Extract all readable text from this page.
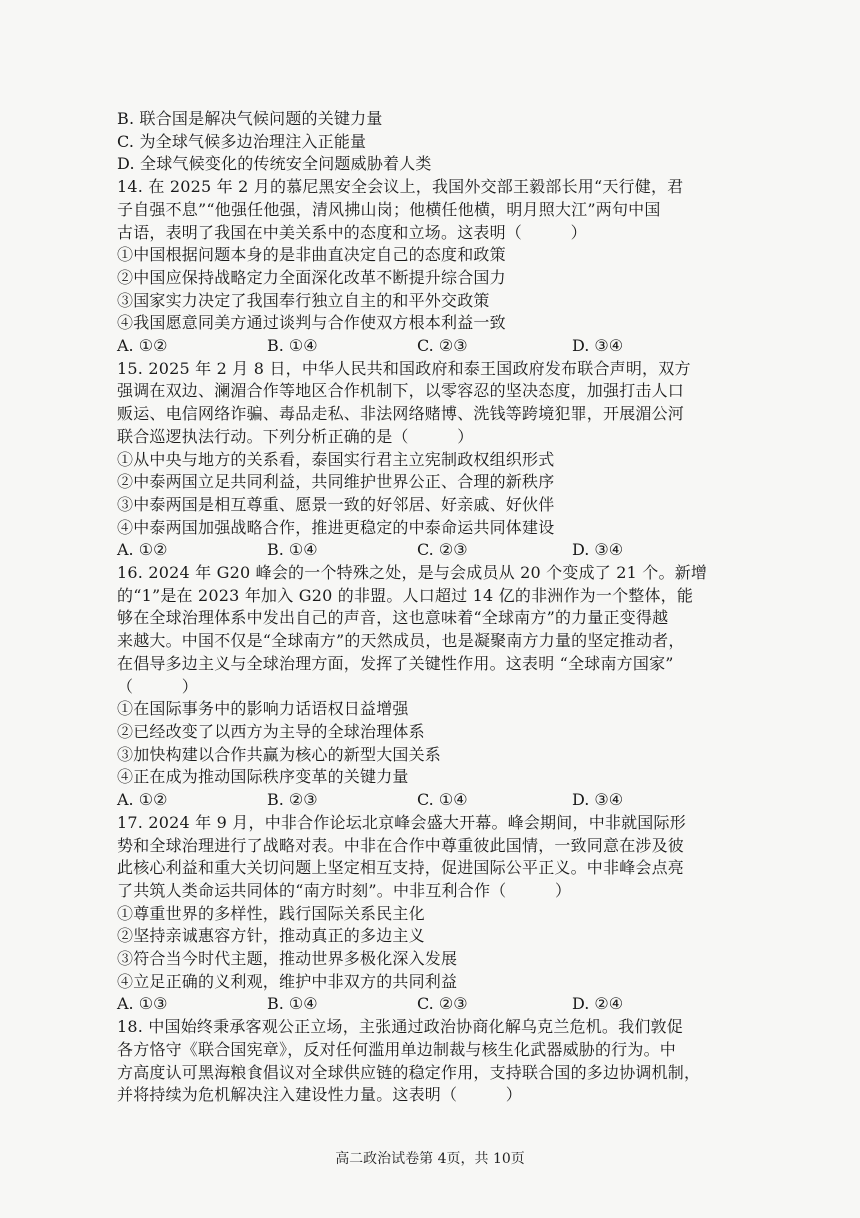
B. 联合国是解决气候问题的关键力量
C. 为全球气候多边治理注入正能量
D. 全球气候变化的传统安全问题威胁着人类
14. 在 2025 年 2 月的慕尼黑安全会议上，我国外交部王毅部长用“天行健，君
子自强不息”“他强任他强，清风拂山岗；他横任他横，明月照大江”两句中国
古语，表明了我国在中美关系中的态度和立场。这表明（　　　）
①中国根据问题本身的是非曲直决定自己的态度和政策
②中国应保持战略定力全面深化改革不断提升综合国力
③国家实力决定了我国奉行独立自主的和平外交政策
④我国愿意同美方通过谈判与合作使双方根本利益一致
A. ①②	B. ①④	C. ②③	D. ③④
15. 2025 年 2 月 8 日，中华人民共和国政府和泰王国政府发布联合声明，双方
强调在双边、澜湄合作等地区合作机制下，以零容忍的坚决态度，加强打击人口
贩运、电信网络诈骗、毒品走私、非法网络赌博、洗钱等跨境犯罪，开展湄公河
联合巡逻执法行动。下列分析正确的是（　　　）
①从中央与地方的关系看，泰国实行君主立宪制政权组织形式
②中泰两国立足共同利益，共同维护世界公正、合理的新秩序
③中泰两国是相互尊重、愿景一致的好邻居、好亲戚、好伙伴
④中泰两国加强战略合作，推进更稳定的中泰命运共同体建设
A. ①②	B. ①④	C. ②③	D. ③④
16. 2024 年 G20 峰会的一个特殊之处，是与会成员从 20 个变成了 21 个。新增
的“1”是在 2023 年加入 G20 的非盟。人口超过 14 亿的非洲作为一个整体，能
够在全球治理体系中发出自己的声音，这也意味着“全球南方”的力量正变得越
来越大。中国不仅是“全球南方”的天然成员，也是凝聚南方力量的坚定推动者，
在倡导多边主义与全球治理方面，发挥了关键性作用。这表明 “全球南方国家”
（　　　）
①在国际事务中的影响力话语权日益增强
②已经改变了以西方为主导的全球治理体系
③加快构建以合作共赢为核心的新型大国关系
④正在成为推动国际秩序变革的关键力量
A. ①②	B. ②③	C. ①④	D. ③④
17. 2024 年 9 月，中非合作论坛北京峰会盛大开幕。峰会期间，中非就国际形
势和全球治理进行了战略对表。中非在合作中尊重彼此国情，一致同意在涉及彼
此核心利益和重大关切问题上坚定相互支持，促进国际公平正义。中非峰会点亮
了共筑人类命运共同体的“南方时刻”。中非互利合作（　　　）
①尊重世界的多样性，践行国际关系民主化
②坚持亲诚惠容方针，推动真正的多边主义
③符合当今时代主题，推动世界多极化深入发展
④立足正确的义利观，维护中非双方的共同利益
A. ①③	B. ①④	C. ②③	D. ②④
18. 中国始终秉承客观公正立场，主张通过政治协商化解乌克兰危机。我们敦促
各方恪守《联合国宪章》，反对任何滥用单边制裁与核生化武器威胁的行为。中
方高度认可黑海粮食倡议对全球供应链的稳定作用，支持联合国的多边协调机制，
并将持续为危机解决注入建设性力量。这表明（　　　）
高二政治试卷第 4页，共 10页
